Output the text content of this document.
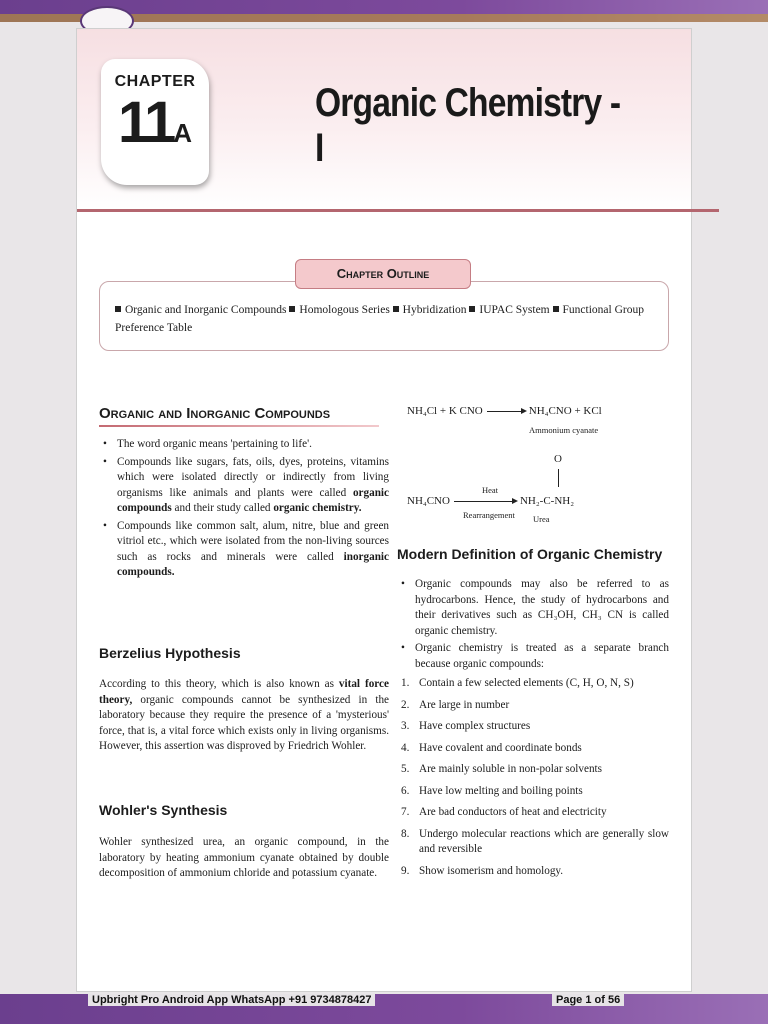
CHAPTER
11A
Organic Chemistry - I
Chapter Outline
Organic and Inorganic Compounds Homologous Series Hybridization IUPAC System Functional Group
Preference Table
Organic and Inorganic Compounds
• The word organic means 'pertaining to life'.
• Compounds like sugars, fats, oils, dyes, proteins, vitamins which were isolated directly or indirectly from living organisms like animals and plants were called organic compounds and their study called organic chemistry.
• Compounds like common salt, alum, nitre, blue and green vitriol etc., which were isolated from the non-living sources such as rocks and minerals were called inorganic compounds.
Berzelius Hypothesis
According to this theory, which is also known as vital force theory, organic compounds cannot be synthesized in the laboratory because they require the presence of a 'mysterious' force, that is, a vital force which exists only in living organisms. However, this assertion was disproved by Friedrich Wohler.
Wohler's Synthesis
Wohler synthesized urea, an organic compound, in the laboratory by heating ammonium cyanate obtained by double decomposition of ammonium chloride and potassium cyanate.
NH₄Cl + K CNO → NH₄CNO + KCl
Ammonium cyanate
O
Heat
NH₄CNO	NH₂-C-NH₂
Rearrangement Urea
Modern Definition of Organic Chemistry
• Organic compounds may also be referred to as hydrocarbons. Hence, the study of hydrocarbons and their derivatives such as CH₃OH, CH₃ CN is called organic chemistry.
• Organic chemistry is treated as a separate branch because organic compounds:
1. Contain a few selected elements (C, H, O, N, S)
2. Are large in number
3. Have complex structures
4. Have covalent and coordinate bonds
5. Are mainly soluble in non-polar solvents
6. Have low melting and boiling points
7. Are bad conductors of heat and electricity
8. Undergo molecular reactions which are generally slow and reversible
9. Show isomerism and homology.
Upbright Pro Android App WhatsApp +91 9734878427	Page 1 of 56
